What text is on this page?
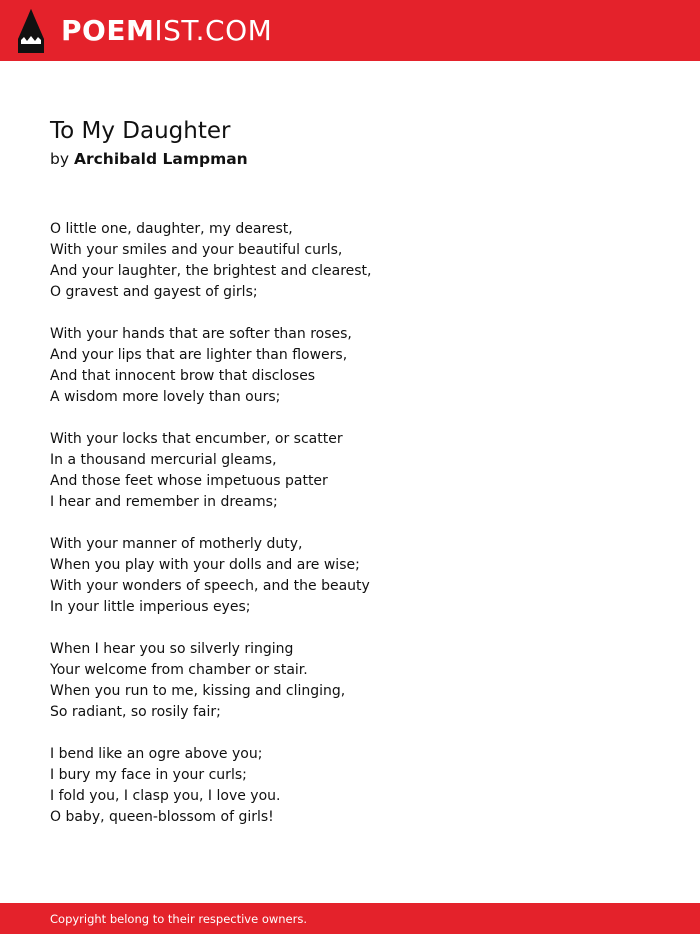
POEMIST.COM
To My Daughter
by Archibald Lampman
O little one, daughter, my dearest,
With your smiles and your beautiful curls,
And your laughter, the brightest and clearest,
O gravest and gayest of girls;
With your hands that are softer than roses,
And your lips that are lighter than flowers,
And that innocent brow that discloses
A wisdom more lovely than ours;
With your locks that encumber, or scatter
In a thousand mercurial gleams,
And those feet whose impetuous patter
I hear and remember in dreams;
With your manner of motherly duty,
When you play with your dolls and are wise;
With your wonders of speech, and the beauty
In your little imperious eyes;
When I hear you so silverly ringing
Your welcome from chamber or stair.
When you run to me, kissing and clinging,
So radiant, so rosily fair;
I bend like an ogre above you;
I bury my face in your curls;
I fold you, I clasp you, I love you.
O baby, queen-blossom of girls!
Copyright belong to their respective owners.
